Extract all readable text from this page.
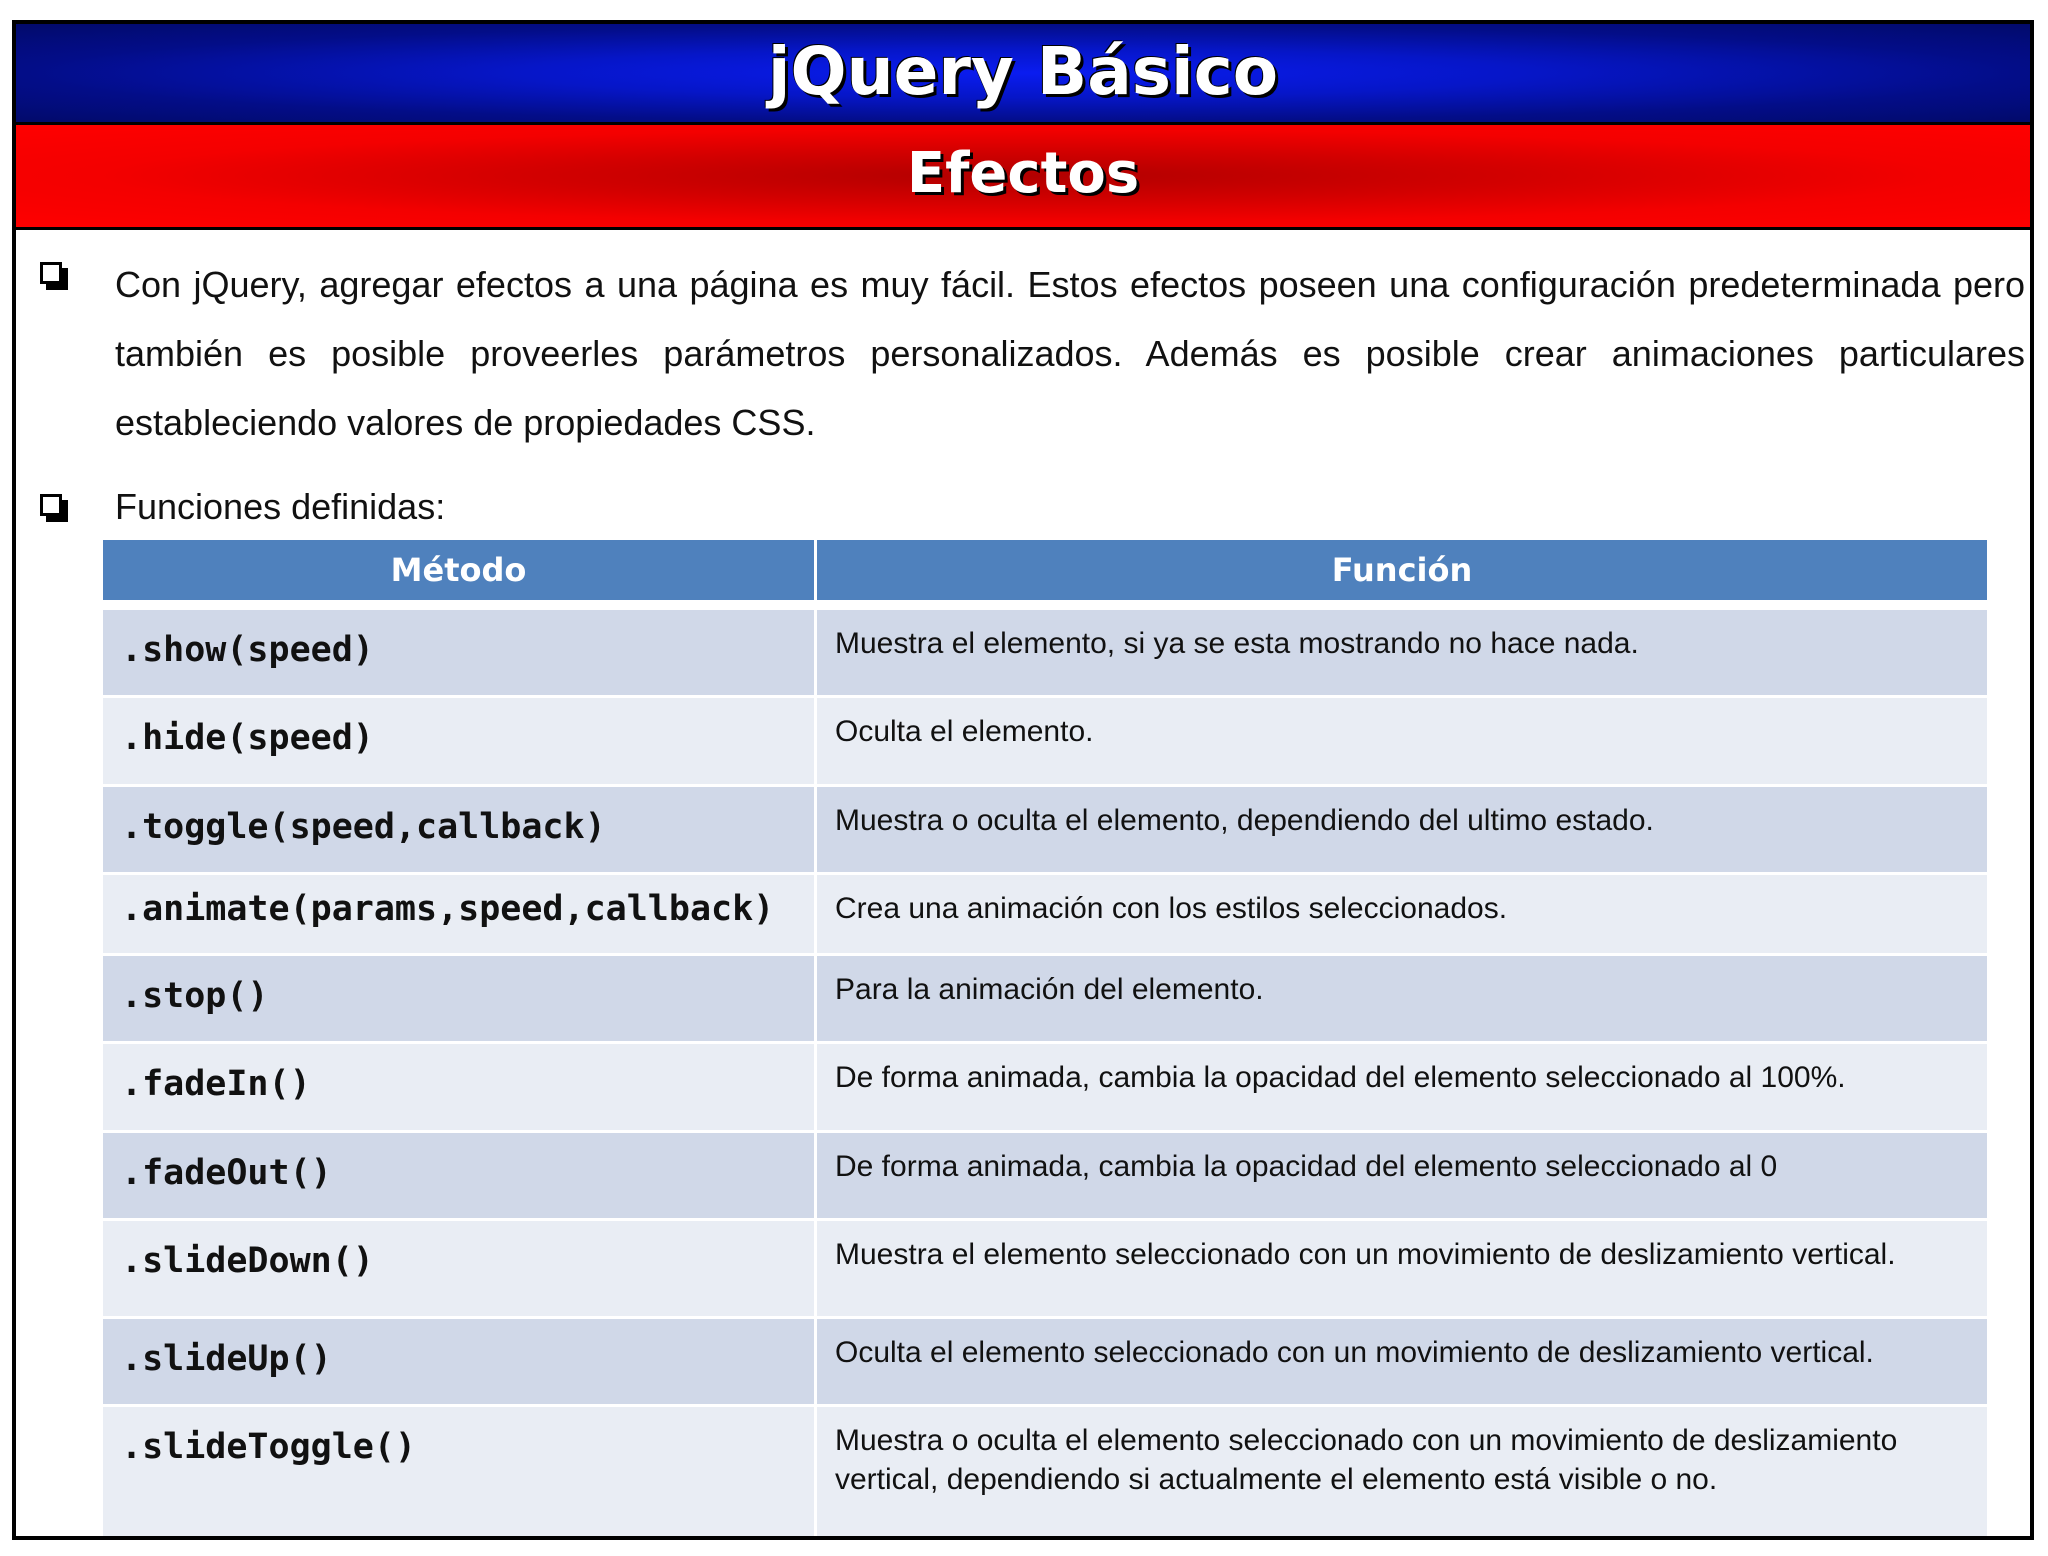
jQuery Básico
Efectos
Con jQuery, agregar efectos a una página es muy fácil. Estos efectos poseen una configuración predeterminada pero también es posible proveerles parámetros personalizados. Además es posible crear animaciones particulares estableciendo valores de propiedades CSS.
Funciones definidas:
Método	Función

.show(speed)	Muestra el elemento, si ya se esta mostrando no hace nada.
.hide(speed)	Oculta el elemento.
.toggle(speed,callback)	Muestra o oculta el elemento, dependiendo del ultimo estado.
.animate(params,speed,callback)	Crea una animación con los estilos seleccionados.
.stop()	Para la animación del elemento.
.fadeIn()	De forma animada, cambia la opacidad del elemento seleccionado al 100%.
.fadeOut()	De forma animada, cambia la opacidad del elemento seleccionado al 0
.slideDown()	Muestra el elemento seleccionado con un movimiento de deslizamiento vertical.
.slideUp()	Oculta el elemento seleccionado con un movimiento de deslizamiento vertical.
.slideToggle()	Muestra o oculta el elemento seleccionado con un movimiento de deslizamiento vertical, dependiendo si actualmente el elemento está visible o no.
